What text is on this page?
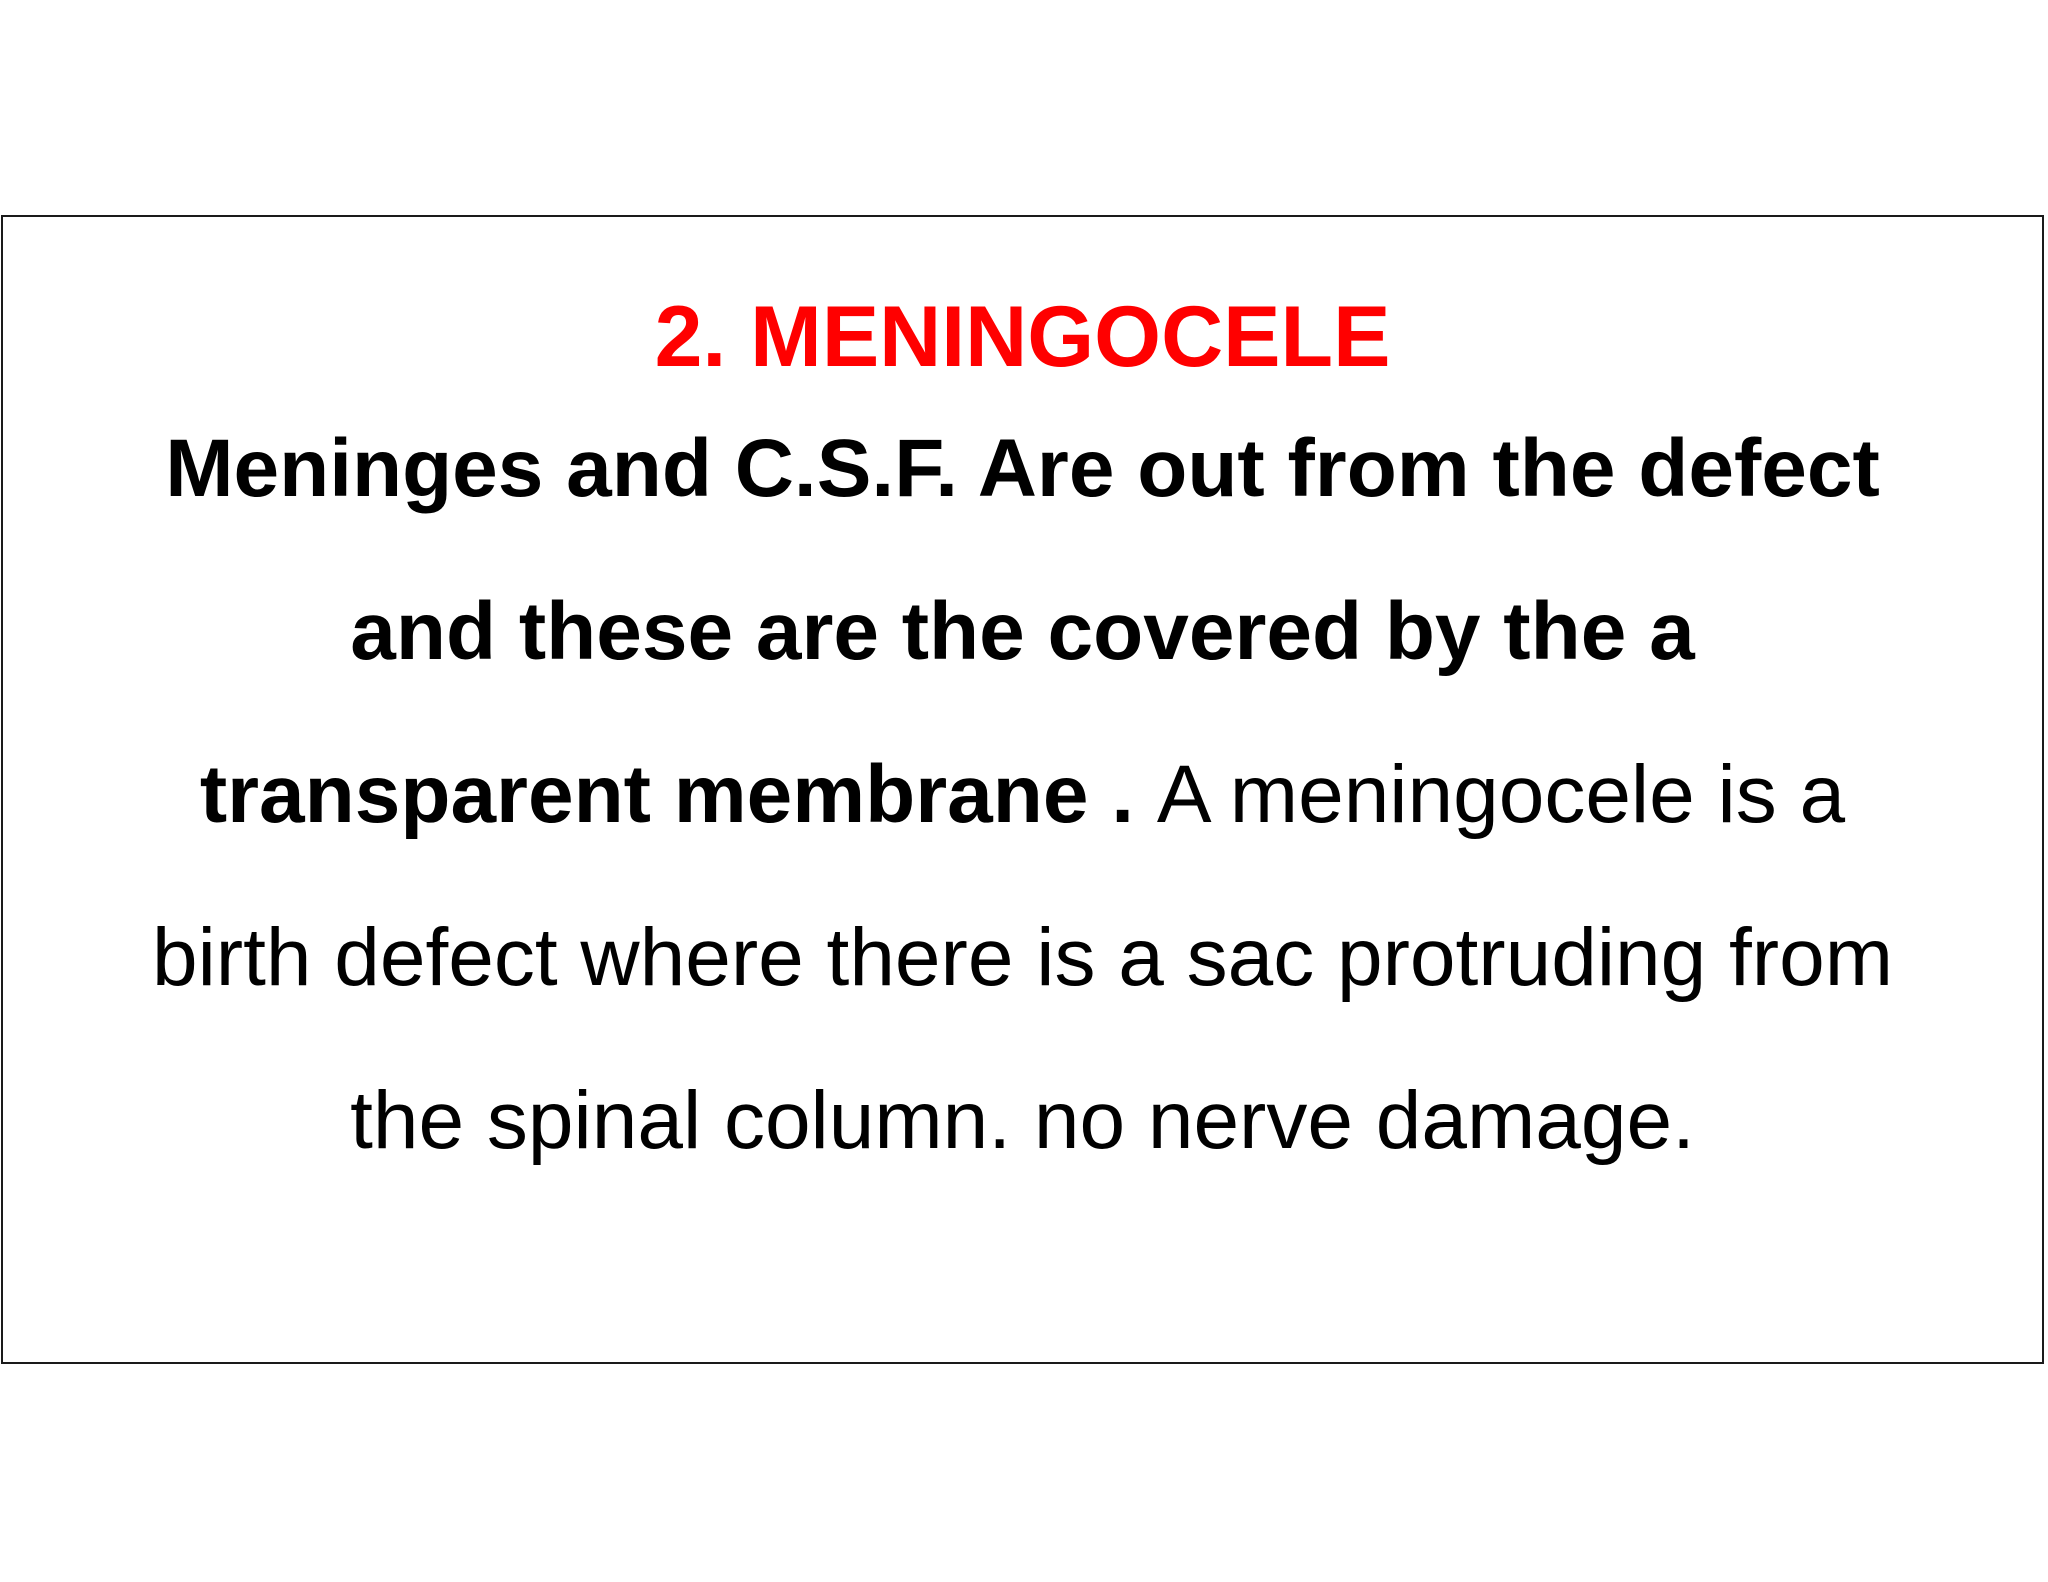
2. MENINGOCELE

Meninges and C.S.F. Are out from the defect
and these are the covered by the a
transparent membrane . A meningocele is a
birth defect where there is a sac protruding from
the spinal column. no nerve damage.
